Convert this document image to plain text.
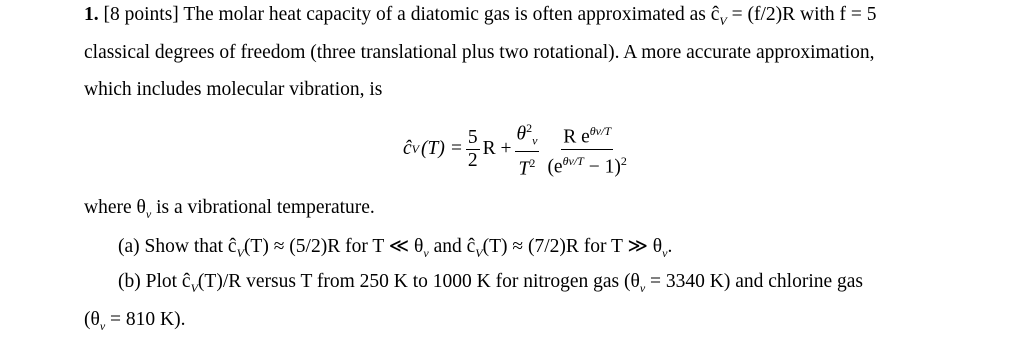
1. [8 points] The molar heat capacity of a diatomic gas is often approximated as $ĉ_V = (f/2)R$ with f = 5
classical degrees of freedom (three translational plus two rotational). A more accurate approximation,
which includes molecular vibration, is
ĉ V $(T) = \frac{5}{2}$ $R + \frac{\theta^2_v}{T^2} \frac{R e^{\theta v/T}}{(e^{\theta v/T} - 1)^2}$
where $\theta_v$ is a vibrational temperature.
(a) Show that $ĉ_V(T) \approx (5/2)R$ for T ≪ $\theta_v$ and $ĉ_V(T) \approx (7/2)R$ for T ≫ $\theta_v$.
(b) Plot $ĉ_V(T)/R$ versus T from 250 K to 1000 K for nitrogen gas ($\theta_v = 3340$ K) and chlorine gas
($\theta_v = 810$ K).
